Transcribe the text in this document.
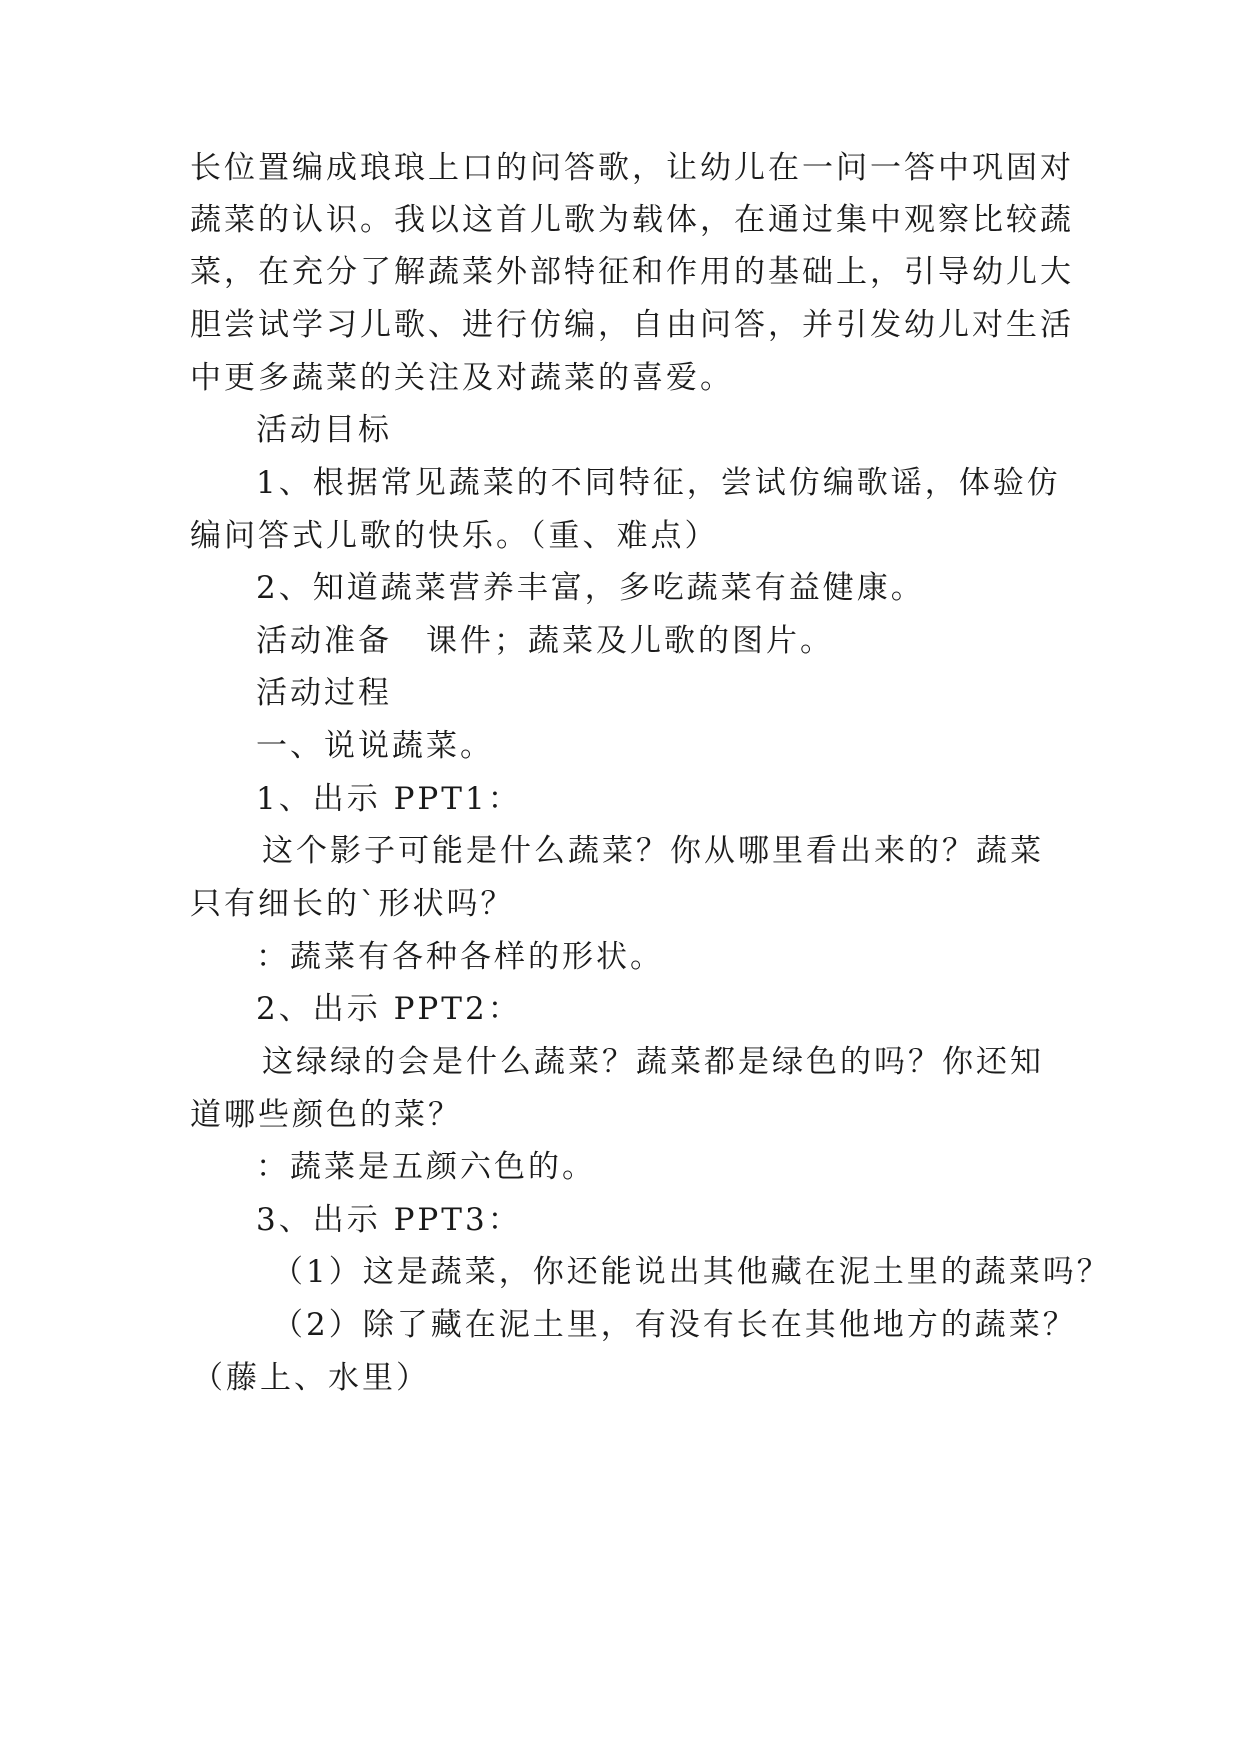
长位置编成琅琅上口的问答歌，让幼儿在一问一答中巩固对
蔬菜的认识。我以这首儿歌为载体，在通过集中观察比较蔬
菜，在充分了解蔬菜外部特征和作用的基础上，引导幼儿大
胆尝试学习儿歌、进行仿编，自由问答，并引发幼儿对生活
中更多蔬菜的关注及对蔬菜的喜爱。
活动目标
1、根据常见蔬菜的不同特征，尝试仿编歌谣，体验仿
编问答式儿歌的快乐。（重、难点）
2、知道蔬菜营养丰富，多吃蔬菜有益健康。
活动准备　课件；蔬菜及儿歌的图片。
活动过程
一、说说蔬菜。
1、出示 PPT1：
这个影子可能是什么蔬菜？你从哪里看出来的？蔬菜
只有细长的`形状吗？
：蔬菜有各种各样的形状。
2、出示 PPT2：
这绿绿的会是什么蔬菜？蔬菜都是绿色的吗？你还知
道哪些颜色的菜？
：蔬菜是五颜六色的。
3、出示 PPT3：
（1）这是蔬菜，你还能说出其他藏在泥土里的蔬菜吗？
（2）除了藏在泥土里，有没有长在其他地方的蔬菜？
（藤上、水里）
